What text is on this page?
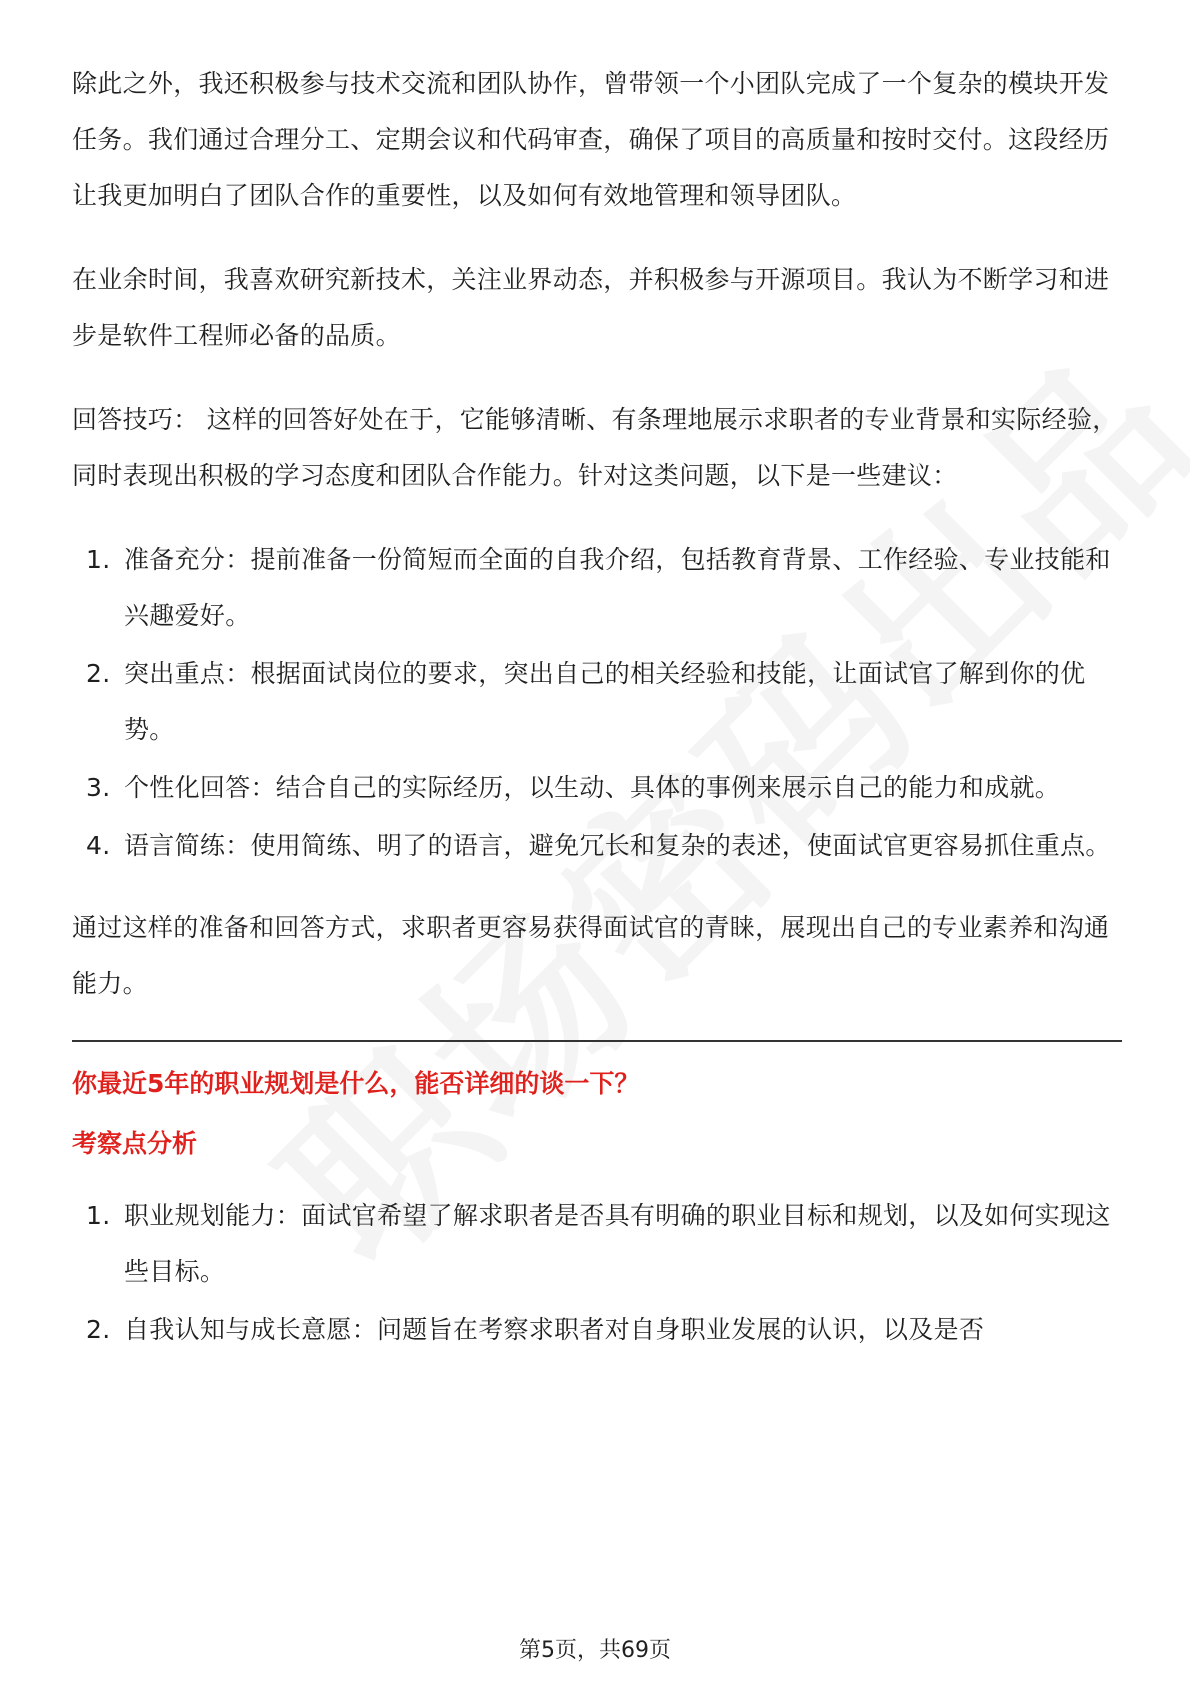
除此之外，我还积极参与技术交流和团队协作，曾带领一个小团队完成了一个复杂的模块开发任务。我们通过合理分工、定期会议和代码审查，确保了项目的高质量和按时交付。这段经历让我更加明白了团队合作的重要性，以及如何有效地管理和领导团队。

在业余时间，我喜欢研究新技术，关注业界动态，并积极参与开源项目。我认为不断学习和进步是软件工程师必备的品质。

回答技巧： 这样的回答好处在于，它能够清晰、有条理地展示求职者的专业背景和实际经验，同时表现出积极的学习态度和团队合作能力。针对这类问题，以下是一些建议：

1. 准备充分：提前准备一份简短而全面的自我介绍，包括教育背景、工作经验、专业技能和兴趣爱好。
2. 突出重点：根据面试岗位的要求，突出自己的相关经验和技能，让面试官了解到你的优势。
3. 个性化回答：结合自己的实际经历，以生动、具体的事例来展示自己的能力和成就。
4. 语言简练：使用简练、明了的语言，避免冗长和复杂的表述，使面试官更容易抓住重点。

通过这样的准备和回答方式，求职者更容易获得面试官的青睐，展现出自己的专业素养和沟通能力。

你最近5年的职业规划是什么，能否详细的谈一下？
考察点分析
1. 职业规划能力：面试官希望了解求职者是否具有明确的职业目标和规划，以及如何实现这些目标。
2. 自我认知与成长意愿：问题旨在考察求职者对自身职业发展的认识，以及是否
第5页，共69页
